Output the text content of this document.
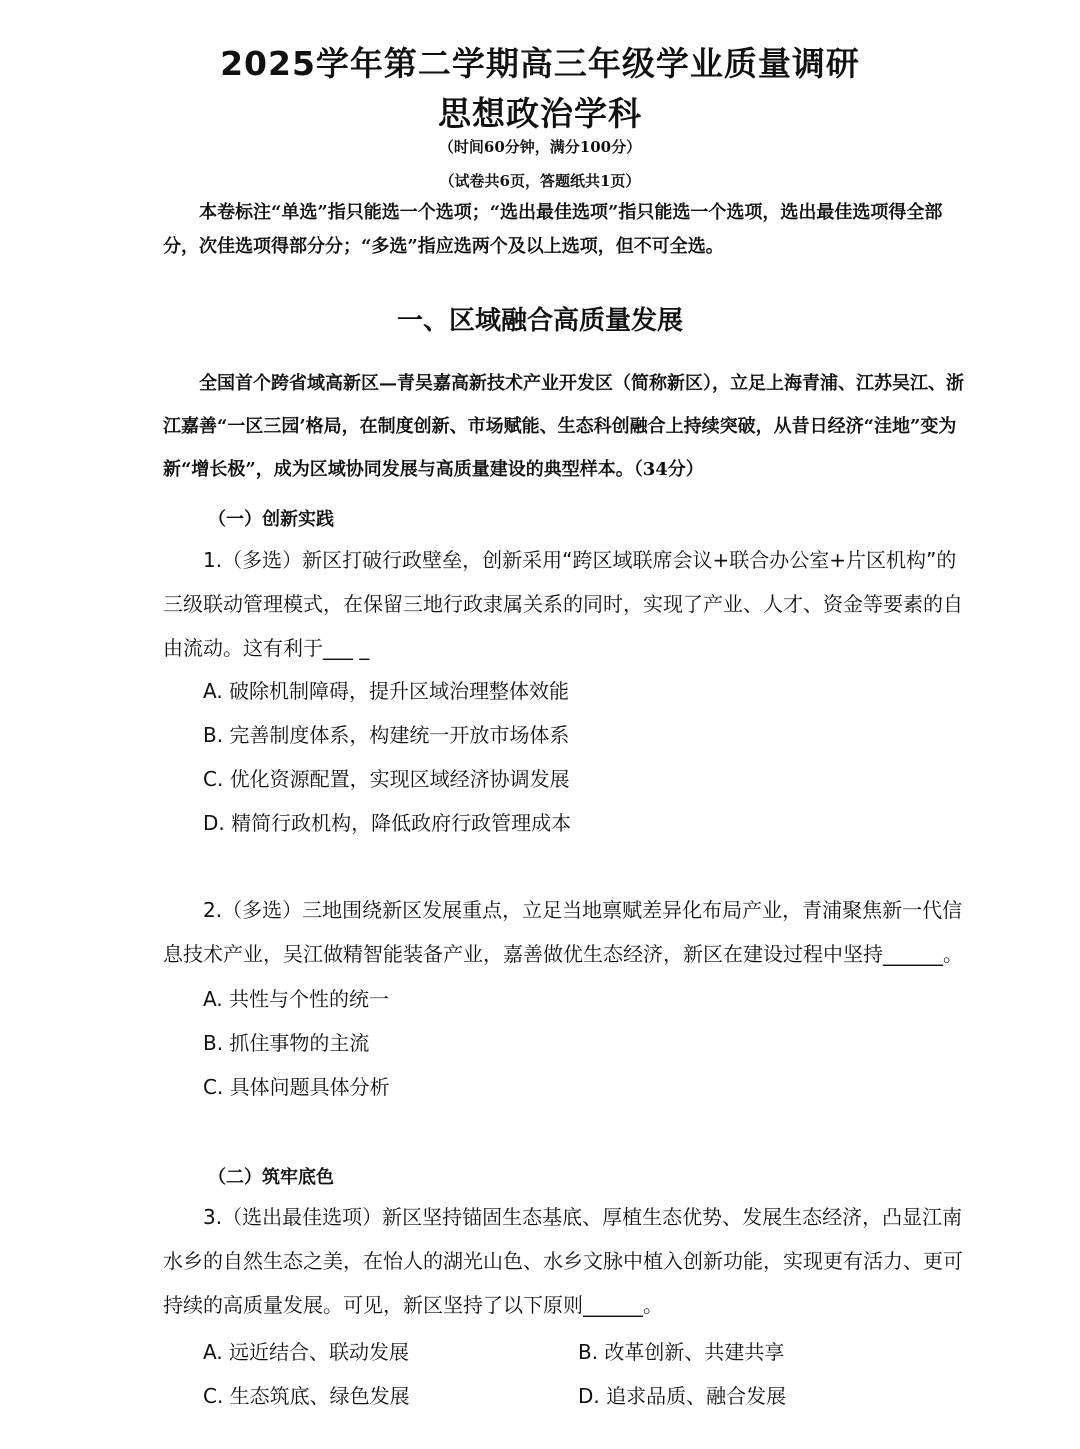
2025学年第二学期高三年级学业质量调研
思想政治学科
（时间60分钟，满分100分）
（试卷共6页，答题纸共1页）

本卷标注“单选”指只能选一个选项；“选出最佳选项”指只能选一个选项，选出最佳选项得全部分，次佳选项得部分分；“多选”指应选两个及以上选项，但不可全选。

一、区域融合高质量发展

全国首个跨省域高新区—青吴嘉高新技术产业开发区（简称新区），立足上海青浦、江苏吴江、浙江嘉善“一区三园’格局，在制度创新、市场赋能、生态科创融合上持续突破，从昔日经济“洼地”变为新“增长极”，成为区域协同发展与高质量建设的典型样本。（34分）

（一）创新实践

1.（多选）新区打破行政壁垒，创新采用“跨区域联席会议+联合办公室+片区机构”的三级联动管理模式，在保留三地行政隶属关系的同时，实现了产业、人才、资金等要素的自由流动。这有利于___ _

A. 破除机制障碍，提升区域治理整体效能
B. 完善制度体系，构建统一开放市场体系
C. 优化资源配置，实现区域经济协调发展
D. 精简行政机构，降低政府行政管理成本

2.（多选）三地围绕新区发展重点，立足当地禀赋差异化布局产业，青浦聚焦新一代信息技术产业，吴江做精智能装备产业，嘉善做优生态经济，新区在建设过程中坚持______。

A. 共性与个性的统一
B. 抓住事物的主流
C. 具体问题具体分析
（二）筑牢底色

3.（选出最佳选项）新区坚持锚固生态基底、厚植生态优势、发展生态经济，凸显江南水乡的自然生态之美，在怡人的湖光山色、水乡文脉中植入创新功能，实现更有活力、更可持续的高质量发展。可见，新区坚持了以下原则______。

A. 远近结合、联动发展	B. 改革创新、共建共享
C. 生态筑底、绿色发展	D. 追求品质、融合发展
